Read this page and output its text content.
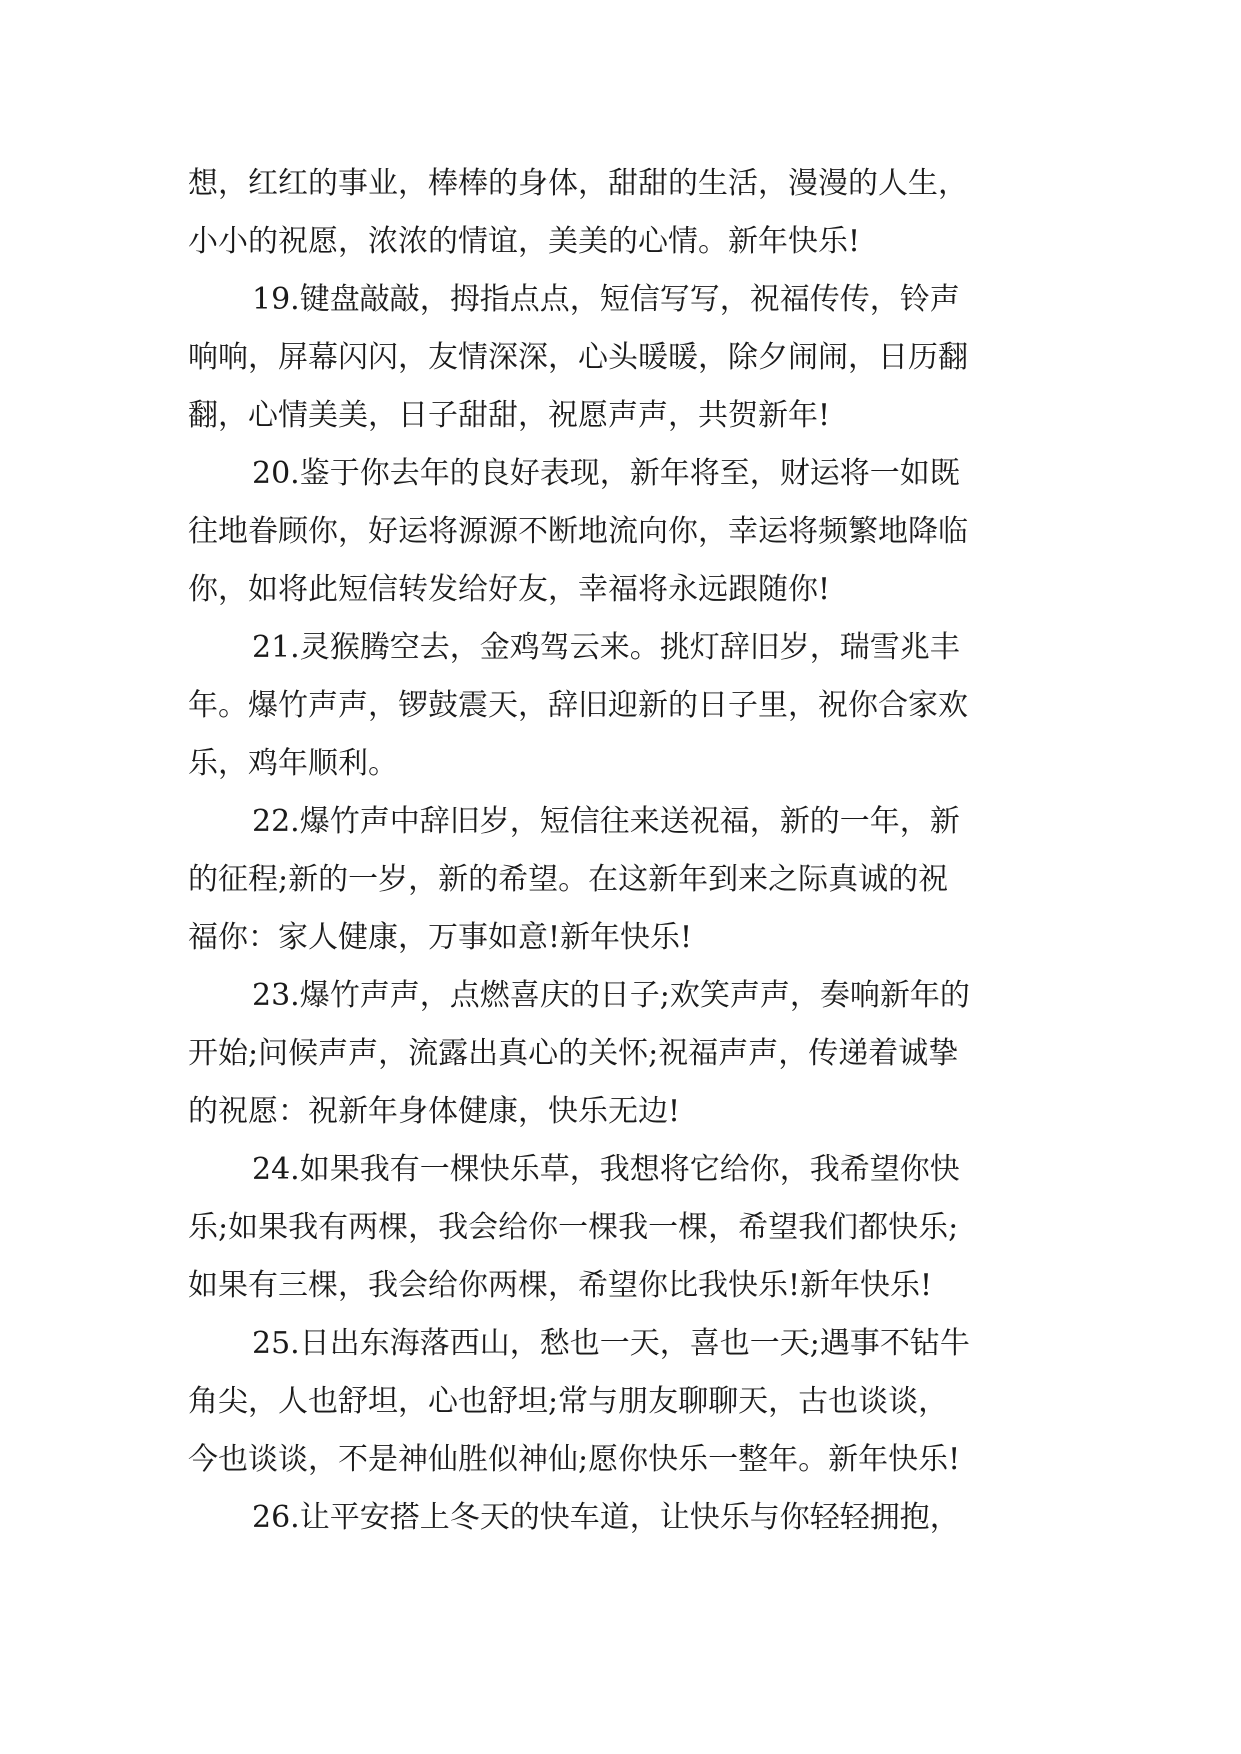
想，红红的事业，棒棒的身体，甜甜的生活，漫漫的人生，
小小的祝愿，浓浓的情谊，美美的心情。新年快乐!
19.键盘敲敲，拇指点点，短信写写，祝福传传，铃声
响响，屏幕闪闪，友情深深，心头暖暖，除夕闹闹，日历翻
翻，心情美美，日子甜甜，祝愿声声，共贺新年!
20.鉴于你去年的良好表现，新年将至，财运将一如既
往地眷顾你，好运将源源不断地流向你，幸运将频繁地降临
你，如将此短信转发给好友，幸福将永远跟随你!
21.灵猴腾空去，金鸡驾云来。挑灯辞旧岁，瑞雪兆丰
年。爆竹声声，锣鼓震天，辞旧迎新的日子里，祝你合家欢
乐，鸡年顺利。
22.爆竹声中辞旧岁，短信往来送祝福，新的一年，新
的征程;新的一岁，新的希望。在这新年到来之际真诚的祝
福你：家人健康，万事如意!新年快乐!
23.爆竹声声，点燃喜庆的日子;欢笑声声，奏响新年的
开始;问候声声，流露出真心的关怀;祝福声声，传递着诚挚
的祝愿：祝新年身体健康，快乐无边!
24.如果我有一棵快乐草，我想将它给你，我希望你快
乐;如果我有两棵，我会给你一棵我一棵，希望我们都快乐;
如果有三棵，我会给你两棵，希望你比我快乐!新年快乐!
25.日出东海落西山，愁也一天，喜也一天;遇事不钻牛
角尖，人也舒坦，心也舒坦;常与朋友聊聊天，古也谈谈，
今也谈谈，不是神仙胜似神仙;愿你快乐一整年。新年快乐!
26.让平安搭上冬天的快车道，让快乐与你轻轻拥抱，
